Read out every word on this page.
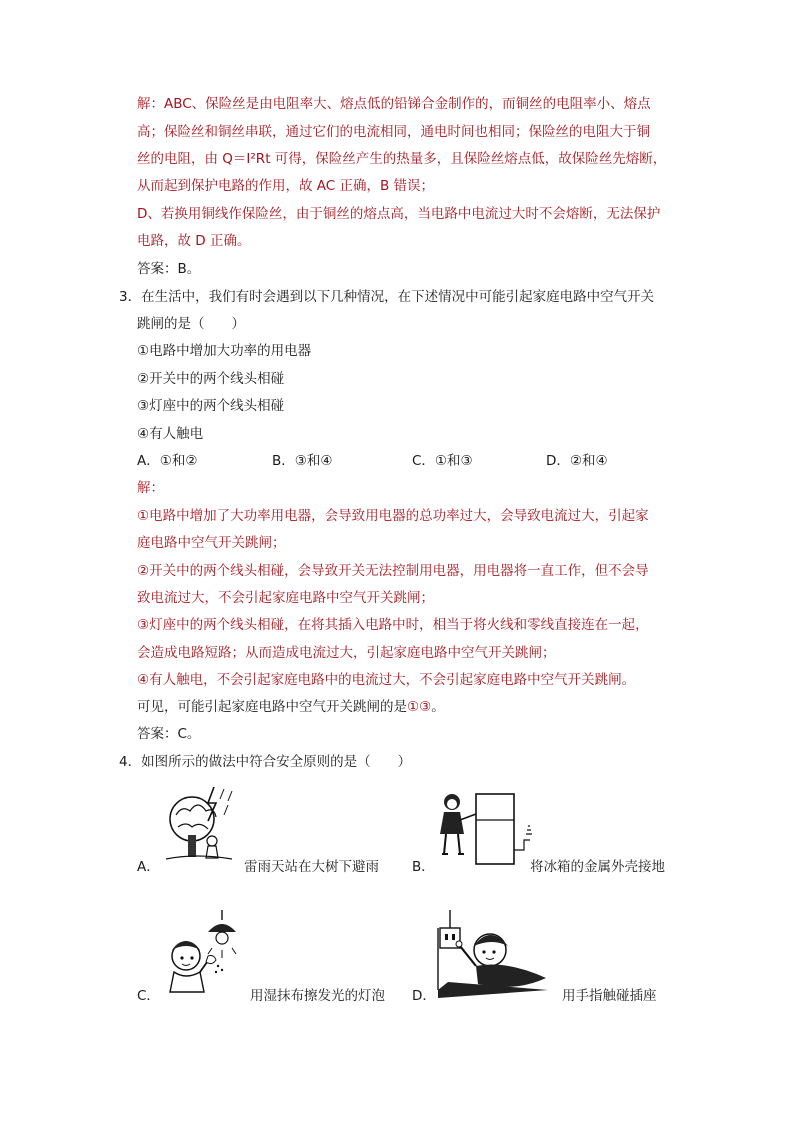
解：ABC、保险丝是由电阻率大、熔点低的铅锑合金制作的，而铜丝的电阻率小、熔点
高；保险丝和铜丝串联，通过它们的电流相同，通电时间也相同；保险丝的电阻大于铜
丝的电阻，由 Q＝I²Rt 可得，保险丝产生的热量多，且保险丝熔点低，故保险丝先熔断，
从而起到保护电路的作用，故 AC 正确，B 错误；
D、若换用铜线作保险丝，由于铜丝的熔点高，当电路中电流过大时不会熔断，无法保护
电路，故 D 正确。
答案：B。
3．在生活中，我们有时会遇到以下几种情况，在下述情况中可能引起家庭电路中空气开关
跳闸的是（　　）
①电路中增加大功率的用电器
②开关中的两个线头相碰
③灯座中的两个线头相碰
④有人触电
A．①和②	B．③和④	C．①和③	D．②和④
解：
①电路中增加了大功率用电器，会导致用电器的总功率过大，会导致电流过大，引起家
庭电路中空气开关跳闸；
②开关中的两个线头相碰，会导致开关无法控制用电器，用电器将一直工作，但不会导
致电流过大，不会引起家庭电路中空气开关跳闸；
③灯座中的两个线头相碰，在将其插入电路中时，相当于将火线和零线直接连在一起，
会造成电路短路；从而造成电流过大，引起家庭电路中空气开关跳闸；
④有人触电，不会引起家庭电路中的电流过大，不会引起家庭电路中空气开关跳闸。
可见，可能引起家庭电路中空气开关跳闸的是①③。
答案：C。
4．如图所示的做法中符合安全原则的是（　　）
A．	雷雨天站在大树下避雨 B．	将冰箱的金属外壳接地
C．	用湿抹布擦发光的灯泡 D．	用手指触碰插座
